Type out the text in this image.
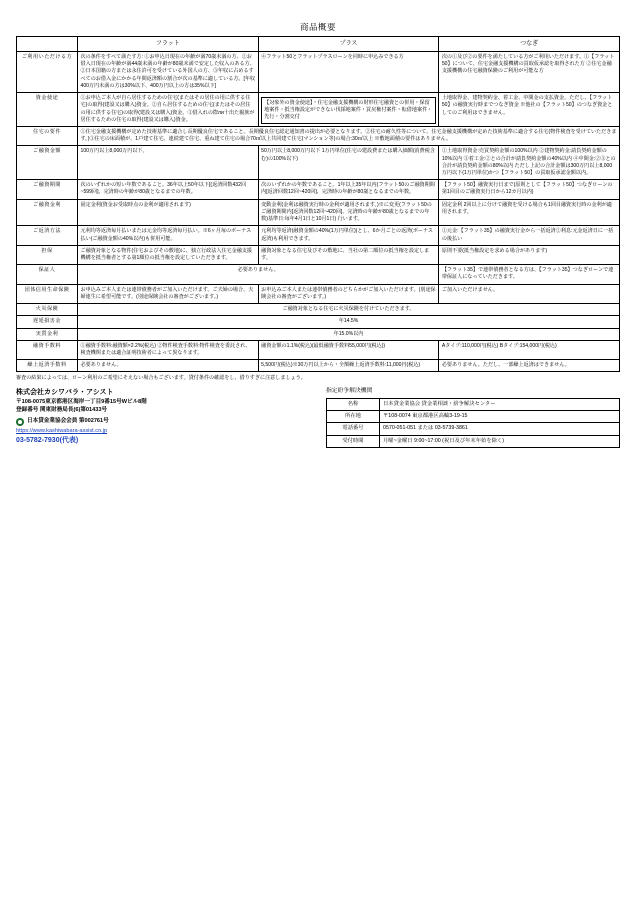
商品概要
	フラット	プラス	つなぎ
ご利用いただける方	次の条件をすべて満たす方: ①お申込日現在の年齢が満70歳未満の方、②お借入日現在の年齢が満44歳未満の年齢が80歳未満で安定した収入のある方、②日本国籍の方または永住許可を受けている外国人の方、③年収に占めるすべてのお借入金にかかる年間返済額の割合が次の基準に適している方。[年収400万円未満の方は30%以下、400万円以上の方は35%以下]	④フラット50とフラットプラスローンを同時に申込みできる方	次の①及び②の要件を満たしている方がご利用いただけます。①【フラット50】について、住宅金融支援機構の買取仮承認を取得された方 ②住宅金融支援機構の住宅融資保険のご利用が可能な方
資金使途	①お申込ご本人が自ら居住するための住宅(またはその居住の用に供する住宅)の取得(建設又は購入)資金。②自ら居住するための住宅(またはその居住の用に供する住宅)の取得(建設又は購入)資金。③借入れの際ли十出た親族が居住するための住宅の取得(建設又は購入)資金。	【対象外の資金使途】・住宅金融支援機構の財形住宅融資との併用・保留地案件・抵当権設定ができない伐採地案件・買戻権付案件・転借地案件・先行・分割交付	土地取得金、建物契約金、着工金、中間金の支払資金。ただし、【フラット50】の融資実行時までつなぎ資金 ※他社の【フラット50】のつなぎ資金としてのご利用はできません。
住宅の要件	①住宅金融支援機構が定めた技術基準に適合し長期優良住宅であること。長期優良住宅認定通知書の提出が必要となります。②住宅の耐久性等について、住宅金融支援機構が定めた技術基準に適合する住宅(物件検査を受けていただきます。)③住宅の床面積が、1戸建て住宅、連続建て住宅、重ね建て住宅の場合70㎡以上共同建て住宅(マンション等)の場合:30㎡以上 ※敷地面積の要件はありません。		
ご融資金額	100万円以上8,000万円以下。	50万円以上8,000万円以下 1万円単位(住宅の建設費または購入価額(消費税含む)の100%以下)	①土地取得資金:売買契約金額の100%以内 ②建物契約金:請負契約金額の10%以内 ③着工金:②との合計が請負契約金額の40%以内 ④中間金:②③との合計が請負契約金額の80%以内 ただし上記の合計金額は300万円以上8,000万円以下(1万円単位)かつ【フラット50】の買取仮承認金額以内。
ご融資期間	次のいずれかの短い年数であること。36年以上50年以下[(返済回数432回~599回]、完済時の年齢が80歳となるまでの年数。	次のいずれかの年数であること。1年以上35年以内(フラット50のご融資期間内[返済回数12回~420回]、完済時の年齢が80歳となるまでの年数。	【フラット50】融資実行日まで(原則として【フラット50】つなぎローンの第1回目のご融資実行日から12カ月以内)
ご融資金利	固定金利(資金お受取時点の金利が適用されます)	変動金利(金利は融資実行時の金利が適用されます。)※に変更(フラット50のご融資期間内[返済回数12回~420回]、完済時の年齢が80歳となるまでの年数)基準日:毎年4月1日と10月1日) 行います。	固定金利 2回以上に分けて融資を受ける場合も1回目融資実行時の金利が適用されます。
ご返済方法	元利均等返済毎月払いまたは元金均等返済毎月払い。※6ヶ月毎のボーナス払い(ご融資金額の40%以内)も併用可能。	元利均等返済(融資金額の40%(1万円単位))とし、6か月ごとの返済(ボーナス返済)も利用できます。	①元金:【フラット35】の融資実行金から一括返済②利息:元金返済日に一括の後払い
担保	ご融資対象となる物件(住宅およびその敷地)に、独立行政法人住宅金融支援機構を抵当権者とする第1順位の抵当権を設定していただきます。	融資対象となる住宅及びその敷地に、当社の第二順位の抵当権を設定します。	原則不要(抵当権設定を求める場合があります)
保証人	必要ありません。		【フラット35】で連帯債務者となる方は、【フラット35】つなぎローンで連帯保証人になっていただきます。
団体信用生命保険	お申込みご本人または連帯債務者がご加入いただけます。ご夫婦の場合、夫婦連生に希望可能です。(別途保険会社の審査がございます。)	お申込みご本人または連帯債務者のどちらかがご加入いただけます。(別途保険会社の審査がございます。)	ご加入いただけません。
火災保険	ご融資対象となる住宅に火災保険を付けていただきます。		
遅延損害金	年14.5%		
実質金利	年15.0%以内		
融資手数料	①融資手数料:融資額×2.2%(税込) ②物件検査手数料:物件検査を委託され、検査機関または適合証明技術者によって異なります。	融資金額の1.1%(税込)(最低融資手数料55,000円(税込))	Aタイプ:110,000円(税込) Bタイプ:154,000円(税込)
繰上返済手数料	必要ありません。	5,500円(税込)※30万円以上から・全額繰上返済手数料:11,000円(税込)	必要ありません。ただし、一部繰上返済はできません。
審査の結果によっては、ローン利用のご希望にそえない場合もございます。貸付条件の確認をし、借りすぎに注意しましょう。
株式会社カシワバラ・アシスト
〒108-0075東京都港区海岸一丁目9番15号Wビル8階
登録番号 関東財務局長(6)第01433号
日本貸金業協会会員 第002761号
https://www.kashiwabara-assist.co.jp
03-5782-7930(代表)
指定紛争解決機関
名称	日本貸金業協会 貸金業相談・紛争解決センター
所在地	〒108-0074 東京都港区高輪3-19-15
電話番号	0570-051-051 または 03-5739-3861
受付時間	月曜~金曜日 9:00~17:00 (祝日及び年末年始を除く)
